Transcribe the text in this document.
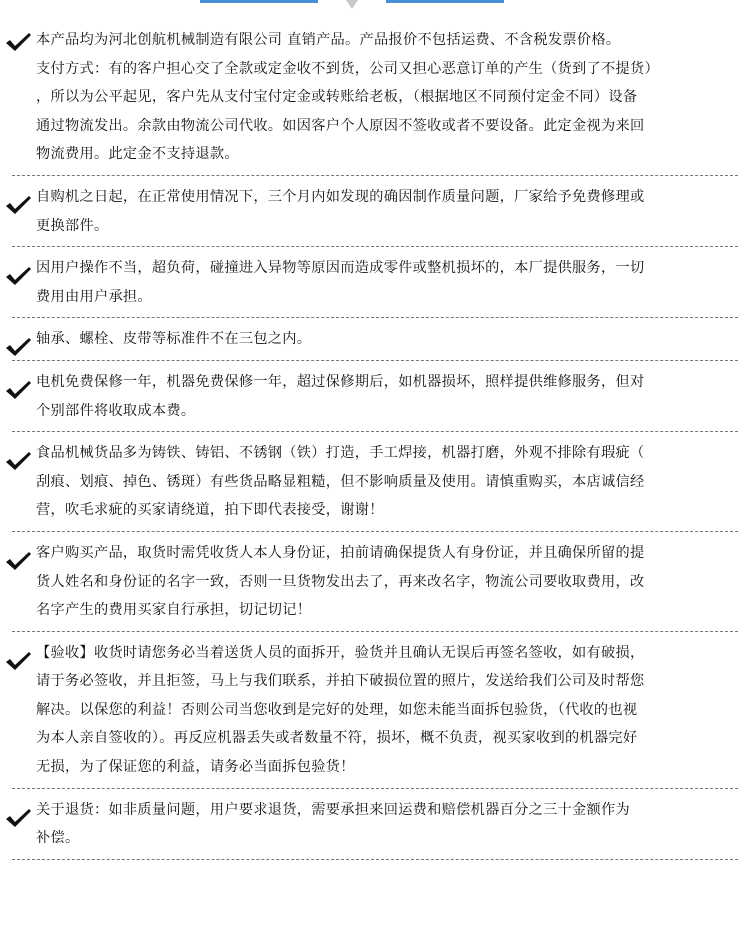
本产品均为河北创航机械制造有限公司 直销产品。产品报价不包括运费、不含税发票价格。

支付方式：有的客户担心交了全款或定金收不到货，公司又担心恶意订单的产生（货到了不提货）

，所以为公平起见，客户先从支付宝付定金或转账给老板，（根据地区不同预付定金不同）设备

通过物流发出。余款由物流公司代收。如因客户个人原因不签收或者不要设备。此定金视为来回

物流费用。此定金不支持退款。

自购机之日起，在正常使用情况下，三个月内如发现的确因制作质量问题，厂家给予免费修理或

更换部件。

因用户操作不当，超负荷，碰撞进入异物等原因而造成零件或整机损坏的，本厂提供服务，一切

费用由用户承担。

轴承、螺栓、皮带等标准件不在三包之内。

电机免费保修一年，机器免费保修一年，超过保修期后，如机器损坏，照样提供维修服务，但对

个别部件将收取成本费。

食品机械货品多为铸铁、铸铝、不锈钢（铁）打造，手工焊接，机器打磨，外观不排除有瑕疵（

刮痕、划痕、掉色、锈斑）有些货品略显粗糙，但不影响质量及使用。请慎重购买，本店诚信经

营，吹毛求疵的买家请绕道，拍下即代表接受，谢谢！

客户购买产品，取货时需凭收货人本人身份证，拍前请确保提货人有身份证，并且确保所留的提

货人姓名和身份证的名字一致，否则一旦货物发出去了，再来改名字，物流公司要收取费用，改

名字产生的费用买家自行承担，切记切记！

【验收】收货时请您务必当着送货人员的面拆开，验货并且确认无误后再签名签收，如有破损，

请于务必签收，并且拒签，马上与我们联系，并拍下破损位置的照片，发送给我们公司及时帮您

解决。以保您的利益！否则公司当您收到是完好的处理，如您未能当面拆包验货，（代收的也视

为本人亲自签收的）。再反应机器丢失或者数量不符，损坏，概不负责，视买家收到的机器完好

无损，为了保证您的利益，请务必当面拆包验货！

关于退货：如非质量问题，用户要求退货，需要承担来回运费和赔偿机器百分之三十金额作为

补偿。
